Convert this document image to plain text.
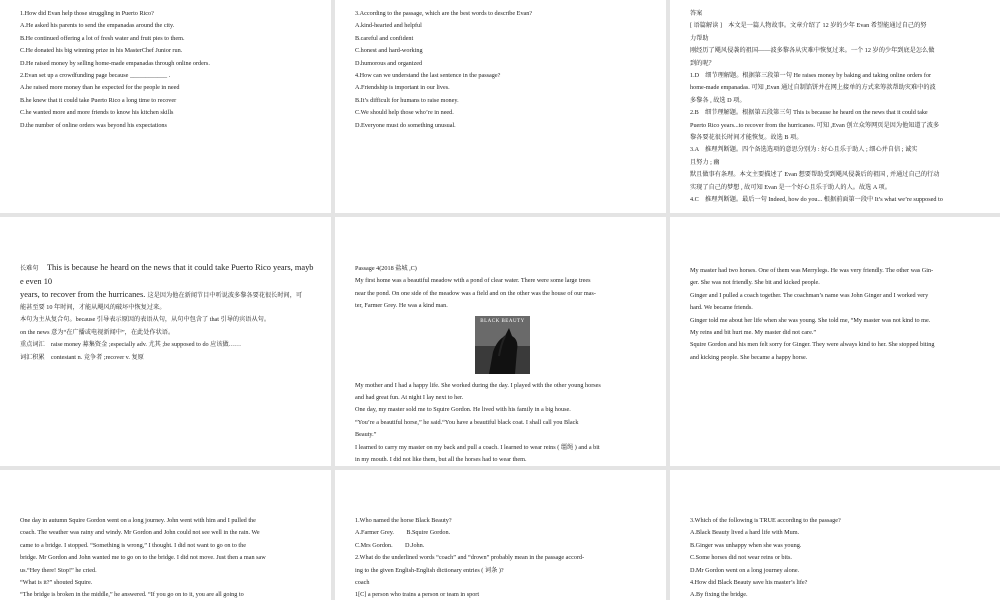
1.How did Evan help those struggling in Puerto Rico?

A.He asked his parents to send the empanadas around the city.

B.He continued offering a lot of fresh water and fruit pies to them.

C.He donated his big winning prize in his MasterChef Junior run.

D.He raised money by selling home-made empanadas through online orders.

2.Evan set up a crowdfunding page because ____________ .

A.he raised more money than he expected for the people in need

B.he knew that it could take Puerto Rico a long time to recover

C.he wanted more and more friends to know his kitchen skills

D.the number of online orders was beyond his expectations

3.According to the passage, which are the best words to describe Evan?

A.kind-hearted and helpful

B.careful and confident

C.honest and hard-working

D.humorous and organized

4.How can we understand the last sentence in the passage?

A.Friendship is important in our lives.

B.It’s difficult for humans to raise money.

C.We should help those who’re in need.

D.Everyone must do something unusual.

答案

[ 语篇解读 ]　本文是一篇人物故事。文章介绍了 12 岁的少年 Evan 希望能通过自己的努

力帮助

刚经历了飓风侵袭的祖国——波多黎各从灾难中恢复过来。一个 12 岁的少年到底是怎么做

到的呢？

1.D　细节理解题。根据第三段第一句 He raises money by baking and taking online orders for

home-made empanadas. 可知 ,Evan 通过自制馅饼并在网上接单的方式来筹款帮助灾难中的波

多黎各 , 故选 D 项。

2.B　细节理解题。根据第五段第三句 This is because he heard on the news that it could take

Puerto Rico years...to recover from the hurricanes. 可知 ,Evan 创立众筹网页是因为他知道了波多

黎各要花很长时间才能恢复。故选 B 项。

3.A　推理判断题。四个备选选项的意思分别为 : 好心且乐于助人 ; 细心并自信 ; 诚实

且努力 ; 幽

默且做事有条理。本文主要描述了 Evan 想要帮助受到飓风侵袭后的祖国 , 并通过自己的行动

实现了自己的梦想 , 故可知 Evan 是一个好心且乐于助人的人。故选 A 项。

4.C　推理判断题。最后一句 Indeed, how do you... 根据前面第一段中 It’s what we’re supposed to

长难句　 This is because he heard on the news that it could take Puerto Rico years, mayb

e even 10

years, to recover from the hurricanes. 这是因为他在新闻节目中听说波多黎各要花很长时间，可

能甚至要 10 年时间，才能从飓风的破坏中恢复过来。

本句为主从复合句。because 引导表示原因的表语从句，从句中包含了 that 引导的宾语从句。

on the news 意为“在广播或电视新闻中”，在此处作状语。

重点词汇　raise money 募集资金 ;especially adv. 尤其 ;be supposed to do 应该做……

词汇积累　contestant n. 竞争者 ;recover v. 复原

Passage 4(2018 盐城 ,C)

My first home was a beautiful meadow with a pond of clear water. There were some large trees

near the pond. On one side of the meadow was a field and on the other was the house of our mas-

ter, Farmer Grey. He was a kind man.

BLACK BEAUTY

My mother and I had a happy life. She worked during the day. I played with the other young horses

and had great fun. At night I lay next to her.

One day, my master sold me to Squire Gordon. He lived with his family in a big house.

“You’re a beautiful horse,” he said.“You have a beautiful black coat. I shall call you Black

Beauty.”

I learned to carry my master on my back and pull a coach. I learned to wear reins ( 缰绳 ) and a bit

in my mouth. I did not like them, but all the horses had to wear them.

My master had two horses. One of them was Merrylegs. He was very friendly. The other was Gin-

ger. She was not friendly. She bit and kicked people.

Ginger and I pulled a coach together. The coachman’s name was John Ginger and I worked very

hard. We became friends.

Ginger told me about her life when she was young. She told me, “My master was not kind to me.

My reins and bit hurt me. My master did not care.”

Squire Gordon and his men felt sorry for Ginger. They were always kind to her. She stopped biting

and kicking people. She became a happy horse.

One day in autumn Squire Gordon went on a long journey. John went with him and I pulled the

coach. The weather was rainy and windy. Mr Gordon and John could not see well in the rain. We

came to a bridge. I stopped. “Something is wrong,” I thought. I did not want to go on to the

bridge. Mr Gordon and John wanted me to go on to the bridge. I did not move. Just then a man saw

us.“Hey there! Stop!” he cried.

“What is it?” shouted Squire.

“The bridge is broken in the middle,” he answered. “If you go on to it, you are all going to

1.Who named the horse Black Beauty?

A.Farmer Grey.　　B.Squire Gordon.

C.Mrs Gordon.　　D.John.

2.What do the underlined words “coach” and “drown” probably mean in the passage accord-

ing to the given English-English dictionary entries ( 词条 )?

coach

1[C] a person who trains a person or team in sport

3.Which of the following is TRUE according to the passage?

A.Black Beauty lived a hard life with Mum.

B.Ginger was unhappy when she was young.

C.Some horses did not wear reins or bits.

D.Mr Gordon went on a long journey alone.

4.How did Black Beauty save his master’s life?

A.By fixing the bridge.
